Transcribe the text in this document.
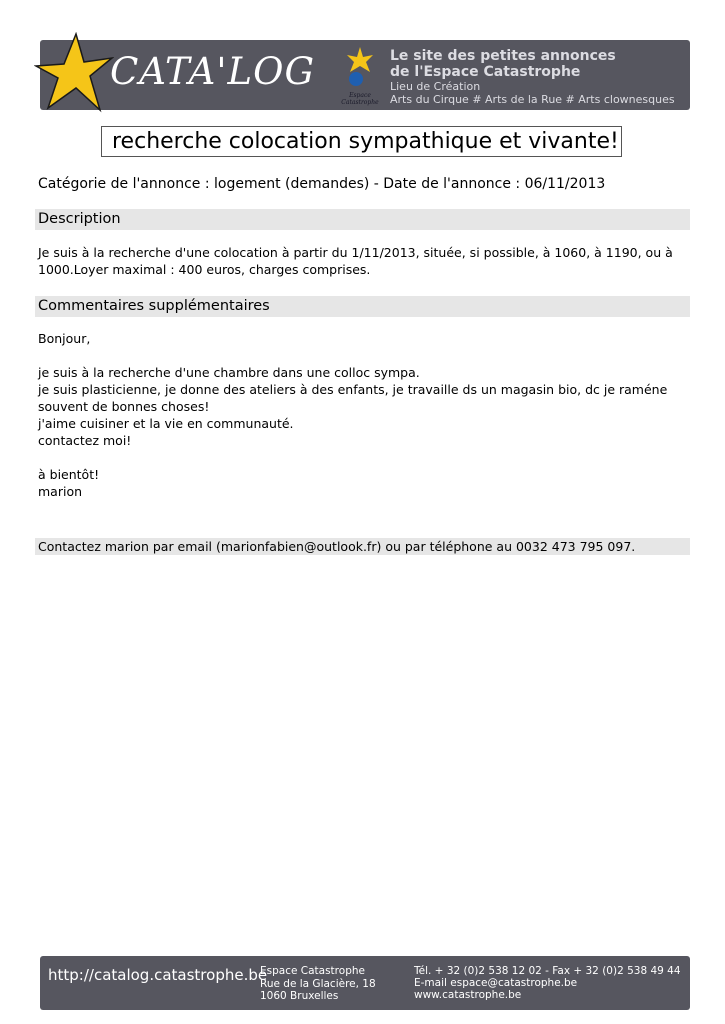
CATA'LOG
Espace Catastrophe
Le site des petites annonces
de l'Espace Catastrophe
Lieu de Création
Arts du Cirque # Arts de la Rue # Arts clownesques
recherche colocation sympathique et vivante!
Catégorie de l'annonce : logement (demandes) - Date de l'annonce : 06/11/2013
Description

Je suis à la recherche d'une colocation à partir du 1/11/2013, située, si possible, à 1060, à 1190, ou à

1000.Loyer maximal : 400 euros, charges comprises.

Commentaires supplémentaires

Bonjour,

je suis à la recherche d'une chambre dans une colloc sympa.

je suis plasticienne, je donne des ateliers à des enfants, je travaille ds un magasin bio, dc je raméne

souvent de bonnes choses!

j'aime cuisiner et la vie en communauté.

contactez moi!

à bientôt!

marion

Contactez marion par email (marionfabien@outlook.fr) ou par téléphone au 0032 473 795 097.
http://catalog.catastrophe.be
Espace Catastrophe
Rue de la Glacière, 18
1060 Bruxelles
Tél. + 32 (0)2 538 12 02 - Fax + 32 (0)2 538 49 44
E-mail espace@catastrophe.be
www.catastrophe.be
